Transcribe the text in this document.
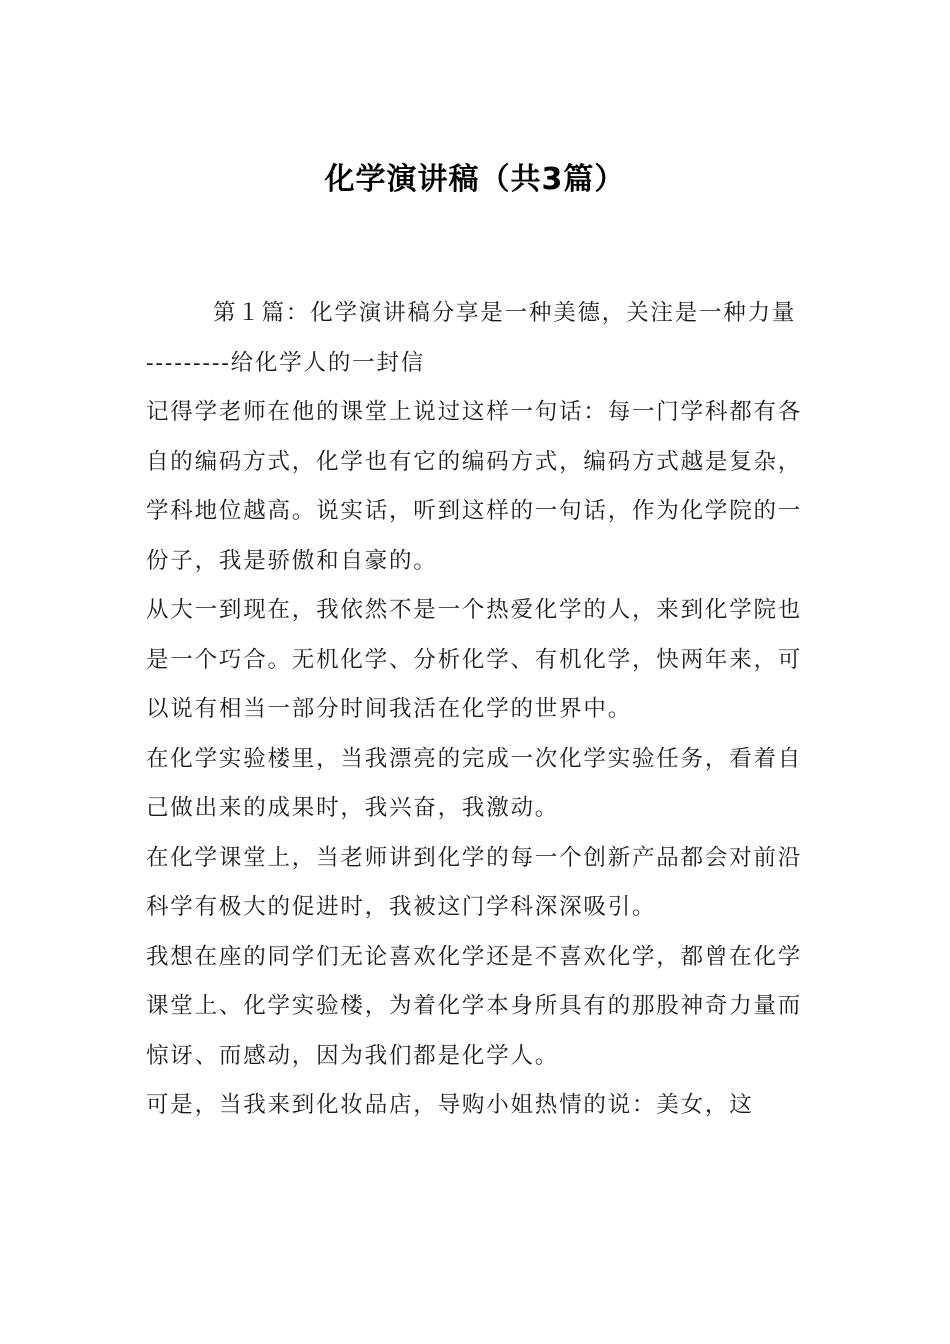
化学演讲稿（共3篇）

第１篇：化学演讲稿分享是一种美德，关注是一种力量

---------给化学人的一封信

记得学老师在他的课堂上说过这样一句话：每一门学科都有各自的编码方式，化学也有它的编码方式，编码方式越是复杂，学科地位越高。说实话，听到这样的一句话，作为化学院的一份子，我是骄傲和自豪的。

从大一到现在，我依然不是一个热爱化学的人，来到化学院也是一个巧合。无机化学、分析化学、有机化学，快两年来，可以说有相当一部分时间我活在化学的世界中。

在化学实验楼里，当我漂亮的完成一次化学实验任务，看着自己做出来的成果时，我兴奋，我激动。

在化学课堂上，当老师讲到化学的每一个创新产品都会对前沿科学有极大的促进时，我被这门学科深深吸引。

我想在座的同学们无论喜欢化学还是不喜欢化学，都曾在化学课堂上、化学实验楼，为着化学本身所具有的那股神奇力量而惊讶、而感动，因为我们都是化学人。

可是，当我来到化妆品店，导购小姐热情的说：美女，这
